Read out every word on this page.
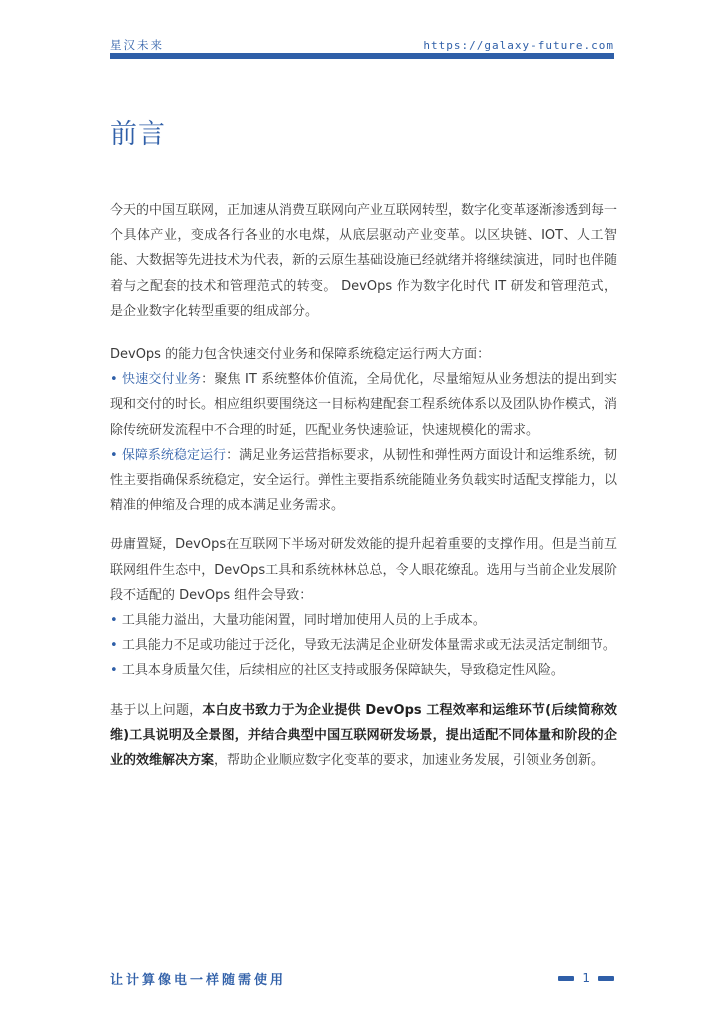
星汉未来	https://galaxy-future.com
前言

今天的中国互联网，正加速从消费互联网向产业互联网转型，数字化变革逐渐渗透到每一个具体产业，变成各行各业的水电煤，从底层驱动产业变革。以区块链、IOT、人工智能、大数据等先进技术为代表，新的云原生基础设施已经就绪并将继续演进，同时也伴随着与之配套的技术和管理范式的转变。 DevOps 作为数字化时代 IT 研发和管理范式，是企业数字化转型重要的组成部分。

DevOps 的能力包含快速交付业务和保障系统稳定运行两大方面：

• 快速交付业务：聚焦 IT 系统整体价值流，全局优化，尽量缩短从业务想法的提出到实现和交付的时长。相应组织要围绕这一目标构建配套工程系统体系以及团队协作模式，消除传统研发流程中不合理的时延，匹配业务快速验证，快速规模化的需求。

• 保障系统稳定运行：满足业务运营指标要求，从韧性和弹性两方面设计和运维系统，韧性主要指确保系统稳定，安全运行。弹性主要指系统能随业务负载实时适配支撑能力，以精准的伸缩及合理的成本满足业务需求。

毋庸置疑，DevOps在互联网下半场对研发效能的提升起着重要的支撑作用。但是当前互联网组件生态中，DevOps工具和系统林林总总，令人眼花缭乱。选用与当前企业发展阶段不适配的 DevOps 组件会导致：

• 工具能力溢出，大量功能闲置，同时增加使用人员的上手成本。

• 工具能力不足或功能过于泛化，导致无法满足企业研发体量需求或无法灵活定制细节。

• 工具本身质量欠佳，后续相应的社区支持或服务保障缺失，导致稳定性风险。

基于以上问题，本白皮书致力于为企业提供 DevOps 工程效率和运维环节(后续简称效维)工具说明及全景图，并结合典型中国互联网研发场景，提出适配不同体量和阶段的企业的效维解决方案，帮助企业顺应数字化变革的要求，加速业务发展，引领业务创新。

让计算像电一样随需使用	1
